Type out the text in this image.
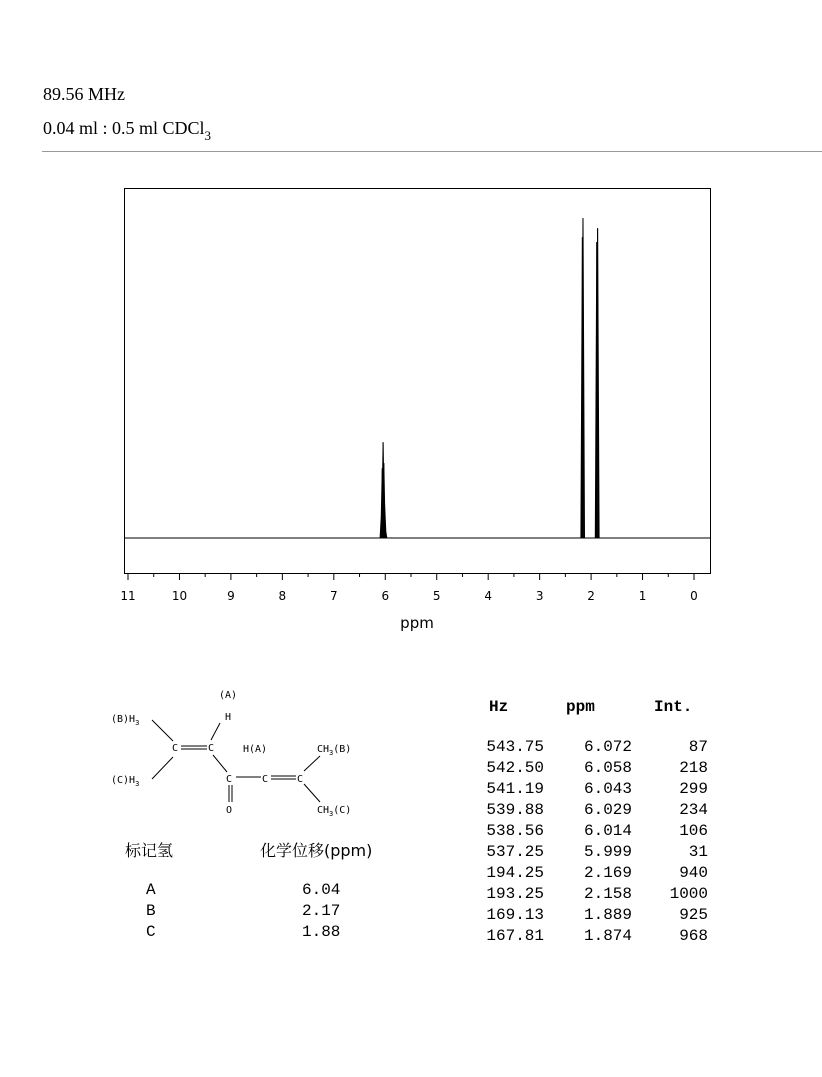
89.56 MHz
0.04 ml : 0.5 ml CDCl$_3$
11	10	9	8	7	6	5	4	3	2	1	0
ppm
(A)
H
$(B)H_3$
$(C)H_3$
C	C
C	C	C
O
H(A)	$CH_3(B)$
$CH_3(C)$
标记氢	化学位移(ppm)
A	6.04
B	2.17
C	1.88
Hz	ppm	Int.
543.75 6.072	87
542.50 6.058	218
541.19 6.043	299
539.88 6.029	234
538.56 6.014	106
537.25 5.999	31
194.25 2.169	940
193.25 2.158 1000
169.13 1.889	925
167.81 1.874	968
